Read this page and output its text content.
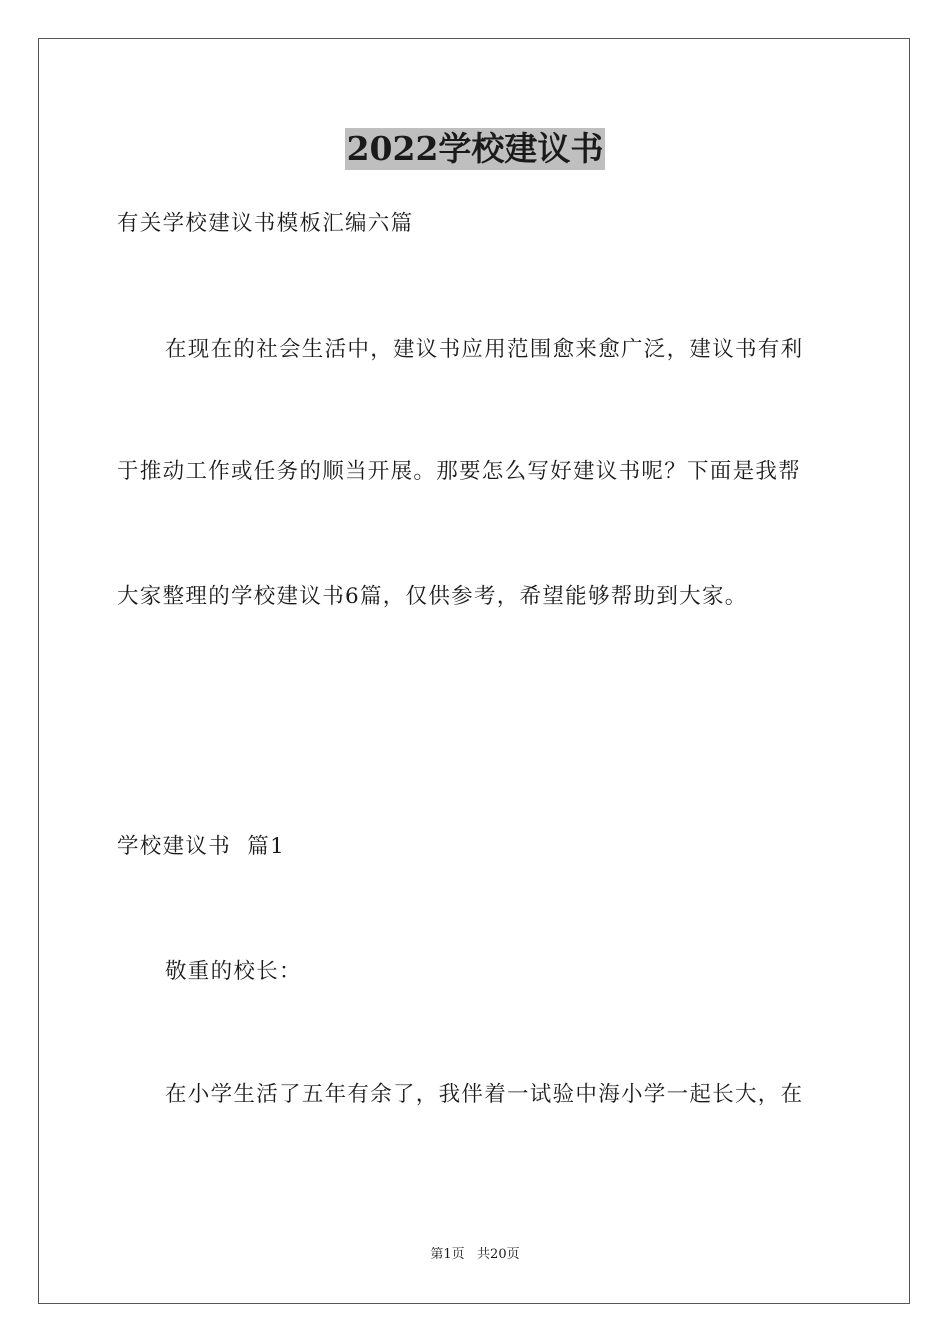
2022学校建议书
有关学校建议书模板汇编六篇
在现在的社会生活中，建议书应用范围愈来愈广泛，建议书有利
于推动工作或任务的顺当开展。那要怎么写好建议书呢？下面是我帮
大家整理的学校建议书6篇，仅供参考，希望能够帮助到大家。
学校建议书  篇1
敬重的校长：
在小学生活了五年有余了，我伴着一试验中海小学一起长大，在
第1页   共20页
